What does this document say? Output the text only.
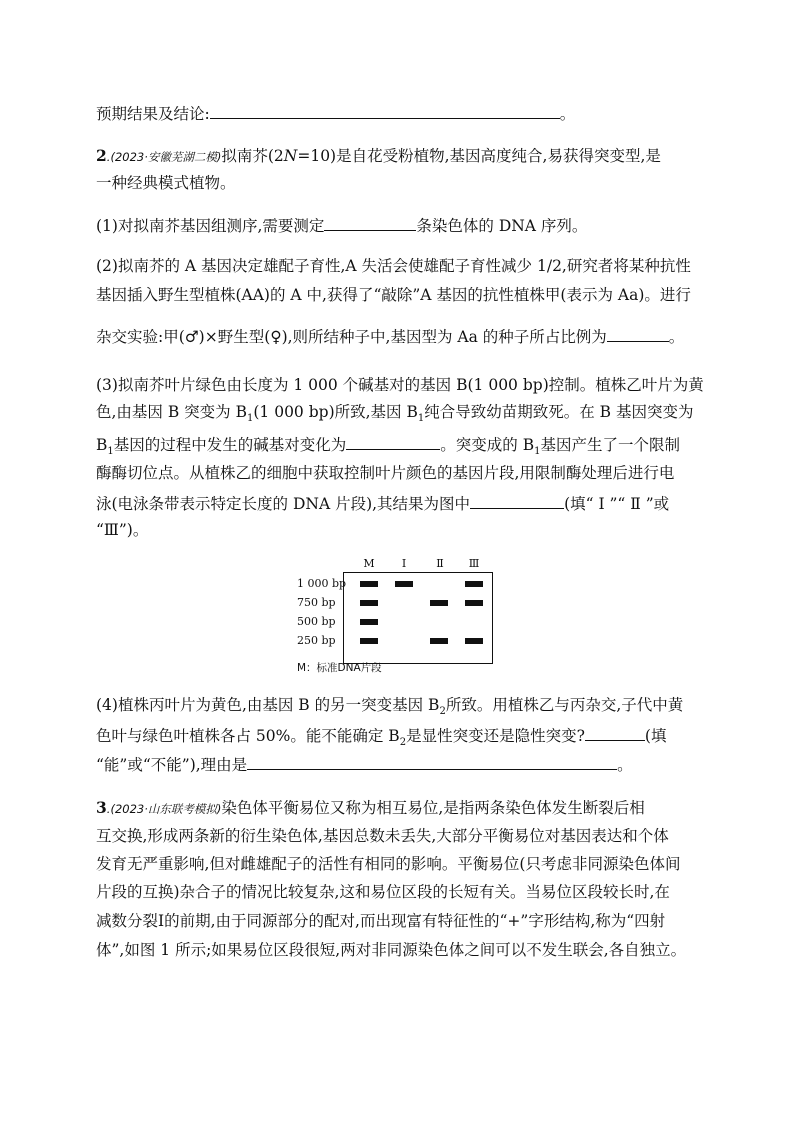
预期结果及结论:	。
2.(2023·安徽芜湖二模)拟南芥(2N=10)是自花受粉植物,基因高度纯合,易获得突变型,是
一种经典模式植物。
(1)对拟南芥基因组测序,需要测定	条染色体的 DNA 序列。
(2)拟南芥的 A 基因决定雄配子育性,A 失活会使雄配子育性减少 1/2,研究者将某种抗性
基因插入野生型植株(AA)的 A 中,获得了“敲除”A 基因的抗性植株甲(表示为 Aa)。进行
杂交实验:甲(♂)×野生型(♀),则所结种子中,基因型为 Aa 的种子所占比例为	。
(3)拟南芥叶片绿色由长度为 1 000 个碱基对的基因 B(1 000 bp)控制。植株乙叶片为黄
色,由基因 B 突变为 $B_1(1$ 000 bp)所致,基因 $B_1$纯合导致幼苗期致死。在 B 基因突变为
$B_1$基因的过程中发生的碱基对变化为	。突变成的 $B_1$基因产生了一个限制
酶酶切位点。从植株乙的细胞中获取控制叶片颜色的基因片段,用限制酶处理后进行电
泳(电泳条带表示特定长度的 DNA 片段),其结果为图中	(填“ Ⅰ ”“ Ⅱ ”或
“Ⅲ”)。
M	Ⅰ	Ⅱ	Ⅲ
1 000 bp
750 bp
500 bp
250 bp
M：标准DNA片段
(4)植株丙叶片为黄色,由基因 B 的另一突变基因 $B_2$所致。用植株乙与丙杂交,子代中黄
色叶与绿色叶植株各占 50%。能不能确定 $B_2$是显性突变还是隐性突变?	(填
“能”或“不能”),理由是	。
3.(2023·山东联考模拟)染色体平衡易位又称为相互易位,是指两条染色体发生断裂后相
互交换,形成两条新的衍生染色体,基因总数未丢失,大部分平衡易位对基因表达和个体
发育无严重影响,但对雌雄配子的活性有相同的影响。平衡易位(只考虑非同源染色体间
片段的互换)杂合子的情况比较复杂,这和易位区段的长短有关。当易位区段较长时,在
减数分裂Ⅰ的前期,由于同源部分的配对,而出现富有特征性的“+”字形结构,称为“四射
体”,如图 1 所示;如果易位区段很短,两对非同源染色体之间可以不发生联会,各自独立。
